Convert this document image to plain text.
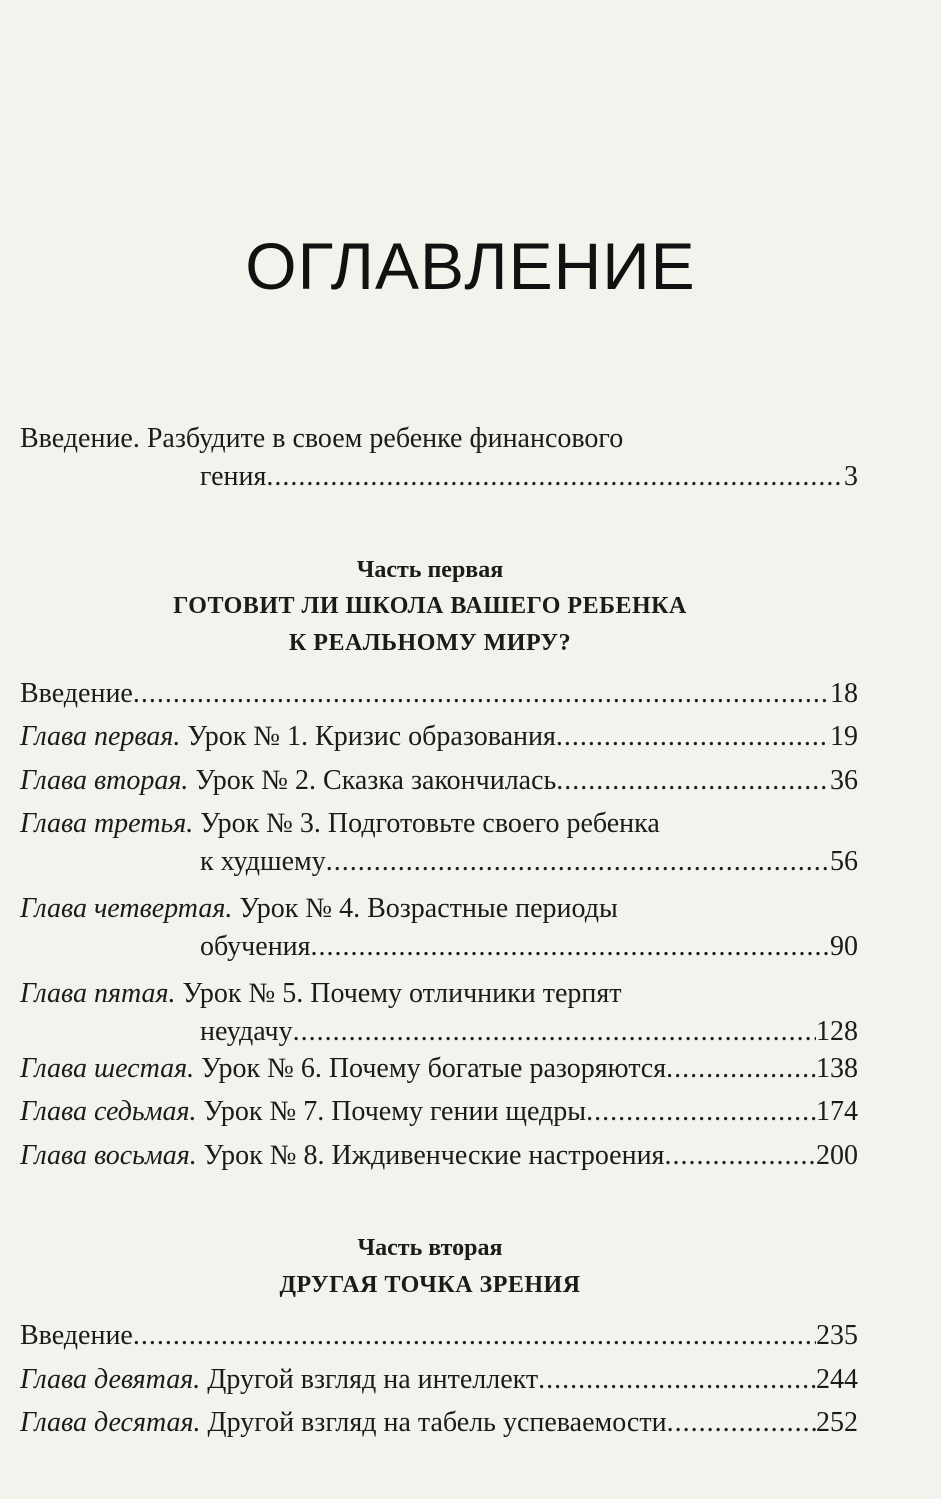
ОГЛАВЛЕНИЕ
Введение. Разбудите в своем ребенке финансового
гения .....	3
Часть первая
ГОТОВИТ ЛИ ШКОЛА ВАШЕГО РЕБЕНКА
К РЕАЛЬНОМУ МИРУ?
Введение .....	18
Глава первая. Урок № 1. Кризис образования .....	19
Глава вторая. Урок № 2. Сказка закончилась .....	36
Глава третья. Урок № 3. Подготовьте своего ребенка
к худшему .....	56
Глава четвертая. Урок № 4. Возрастные периоды
обучения .....	90
Глава пятая. Урок № 5. Почему отличники терпят
неудачу .....	128
Глава шестая. Урок № 6. Почему богатые разоряются .....	138
Глава седьмая. Урок № 7. Почему гении щедры .....	174
Глава восьмая. Урок № 8. Иждивенческие настроения .....	200
Часть вторая
ДРУГАЯ ТОЧКА ЗРЕНИЯ
Введение .....	235
Глава девятая. Другой взгляд на интеллект .....	244
Глава десятая. Другой взгляд на табель успеваемости .....	252
